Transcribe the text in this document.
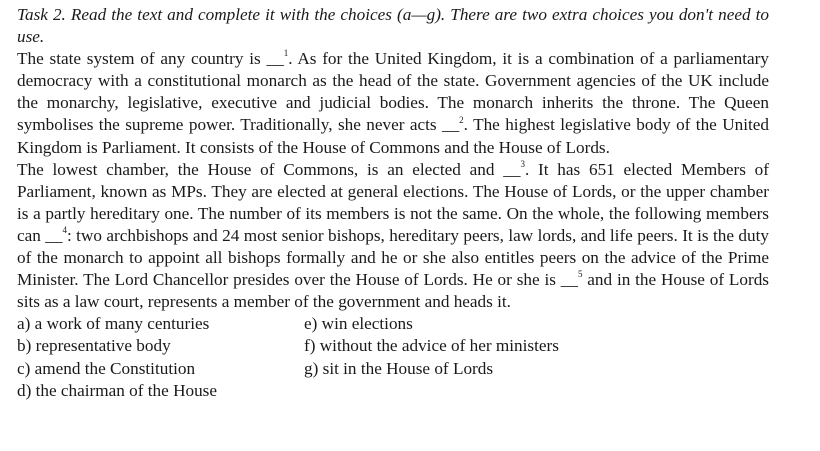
Task 2. Read the text and complete it with the choices (a—g). There are two extra choices you don't need to use.

The state system of any country is __$^1$. As for the United Kingdom, it is a combination of a parliamentary democracy with a constitutional monarch as the head of the state. Government agencies of the UK include the monarchy, legislative, executive and judicial bodies. The monarch inherits the throne. The Queen symbolises the supreme power. Traditionally, she never acts __$^2$. The highest legislative body of the United Kingdom is Parliament. It consists of the House of Commons and the House of Lords.

The lowest chamber, the House of Commons, is an elected and __$^3$. It has 651 elected Members of Parliament, known as MPs. They are elected at general elections. The House of Lords, or the upper chamber is a partly hereditary one. The number of its members is not the same. On the whole, the following members can __$^4$: two archbishops and 24 most senior bishops, hereditary peers, law lords, and life peers. It is the duty of the monarch to appoint all bishops formally and he or she also entitles peers on the advice of the Prime Minister. The Lord Chancellor presides over the House of Lords. He or she is __$^5$ and in the House of Lords sits as a law court, represents a member of the government and heads it.

a) a work of many centuries	e) win elections
b) representative body	f) without the advice of her ministers
c) amend the Constitution	g) sit in the House of Lords
d) the chairman of the House
